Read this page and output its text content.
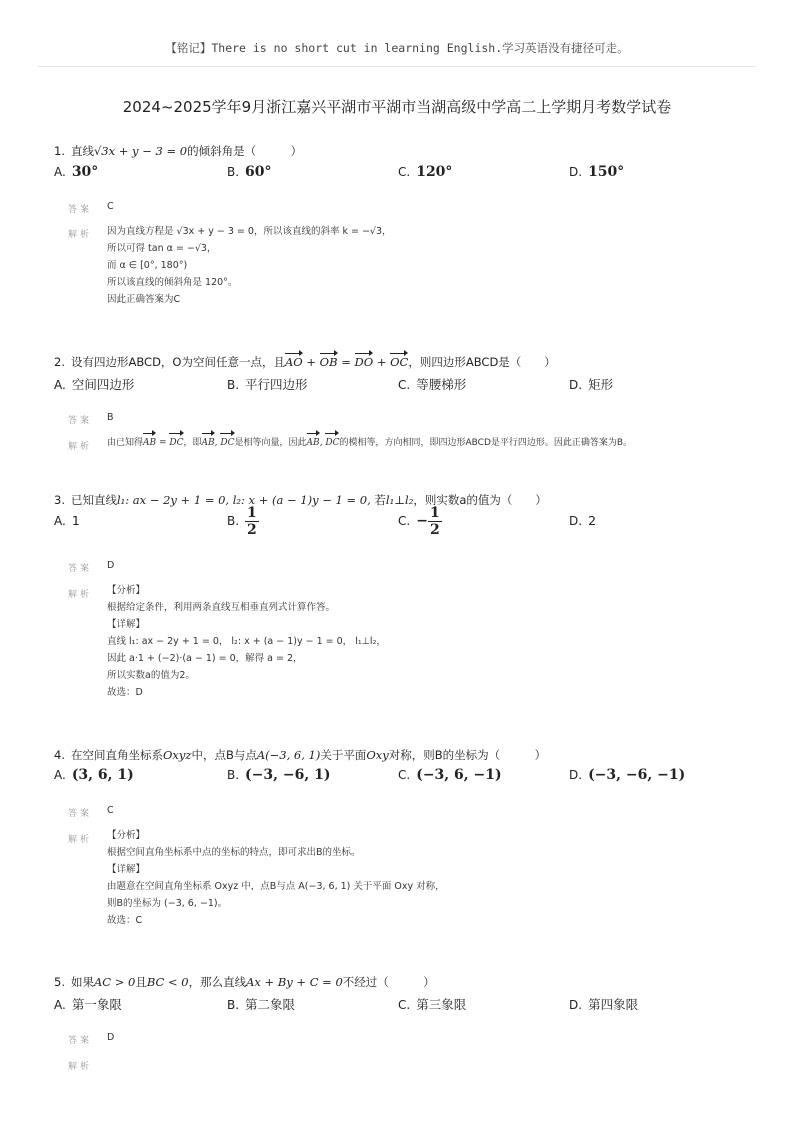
【铭记】There is no short cut in learning English.学习英语没有捷径可走。
2024~2025学年9月浙江嘉兴平湖市平湖市当湖高级中学高二上学期月考数学试卷
1. 直线√3x + y − 3 = 0的倾斜角是（　　　）
A. 30°	B. 60°	C. 120°	D. 150°
答案 C
解析 因为直线方程是 √3x + y − 3 = 0，所以该直线的斜率 k = −√3，
所以可得 tan α = −√3，
而 α ∈ [0°, 180°)
所以该直线的倾斜角是 120°。
因此正确答案为C
2. 设有四边形ABCD，O为空间任意一点，且AO + OB = DO + OC，则四边形ABCD是（　　）
A. 空间四边形	B. 平行四边形	C. 等腰梯形	D. 矩形
答案 B
解析 由已知得AB = DC，即AB, DC是相等向量，因此AB, DC的模相等，方向相同，即四边形ABCD是平行四边形。因此正确答案为B。
3. 已知直线l₁: ax − 2y + 1 = 0, l₂: x + (a − 1)y − 1 = 0, 若l₁⊥l₂，则实数a的值为（　　）
A. 1	B. $\frac{1}{2}$	C. − $\frac{1}{2}$	D. 2
答案 D
解析 【分析】
根据给定条件，利用两条直线互相垂直列式计算作答。
【详解】
直线 l₁: ax − 2y + 1 = 0， l₂: x + (a − 1)y − 1 = 0， l₁⊥l₂，
因此 a·1 + (−2)·(a − 1) = 0，解得 a = 2，
所以实数a的值为2。
故选：D
4. 在空间直角坐标系Oxyz中，点B与点A(−3, 6, 1)关于平面Oxy对称，则B的坐标为（　　　）
A. (3, 6, 1)	B. (−3, −6, 1)	C. (−3, 6, −1)	D. (−3, −6, −1)
答案 C
解析 【分析】
根据空间直角坐标系中点的坐标的特点，即可求出B的坐标。
【详解】
由题意在空间直角坐标系 Oxyz 中，点B与点 A(−3, 6, 1) 关于平面 Oxy 对称，
则B的坐标为 (−3, 6, −1)。
故选：C
5. 如果AC > 0且BC < 0，那么直线Ax + By + C = 0不经过（　　　）
A. 第一象限	B. 第二象限	C. 第三象限	D. 第四象限
答案 D
解析
